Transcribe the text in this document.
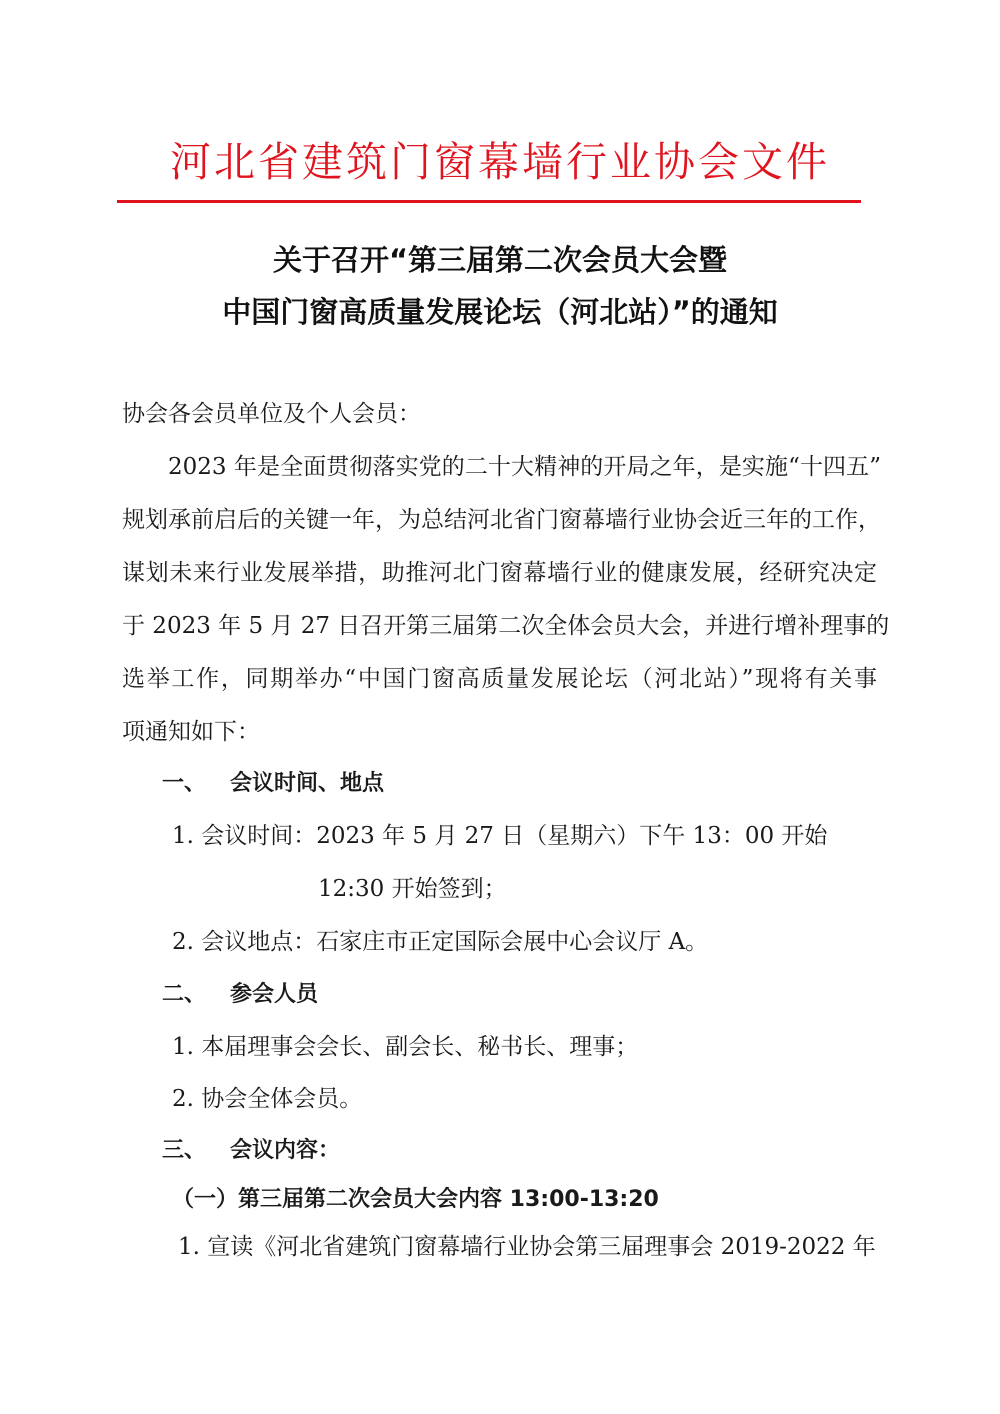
河北省建筑门窗幕墙行业协会文件
关于召开“第三届第二次会员大会暨
中国门窗高质量发展论坛（河北站）”的通知
协会各会员单位及个人会员：
2023 年是全面贯彻落实党的二十大精神的开局之年，是实施“十四五”
规划承前启后的关键一年，为总结河北省门窗幕墙行业协会近三年的工作，
谋划未来行业发展举措，助推河北门窗幕墙行业的健康发展，经研究决定
于 2023 年 5 月 27 日召开第三届第二次全体会员大会，并进行增补理事的
选举工作，同期举办“中国门窗高质量发展论坛（河北站）”现将有关事
项通知如下：
一、 会议时间、地点
1. 会议时间：2023 年 5 月 27 日（星期六）下午 13：00 开始
12:30 开始签到；
2. 会议地点：石家庄市正定国际会展中心会议厅 A。
二、 参会人员
1. 本届理事会会长、副会长、秘书长、理事；
2. 协会全体会员。
三、 会议内容：
（一）第三届第二次会员大会内容 13:00-13:20
1. 宣读《河北省建筑门窗幕墙行业协会第三届理事会 2019-2022 年
